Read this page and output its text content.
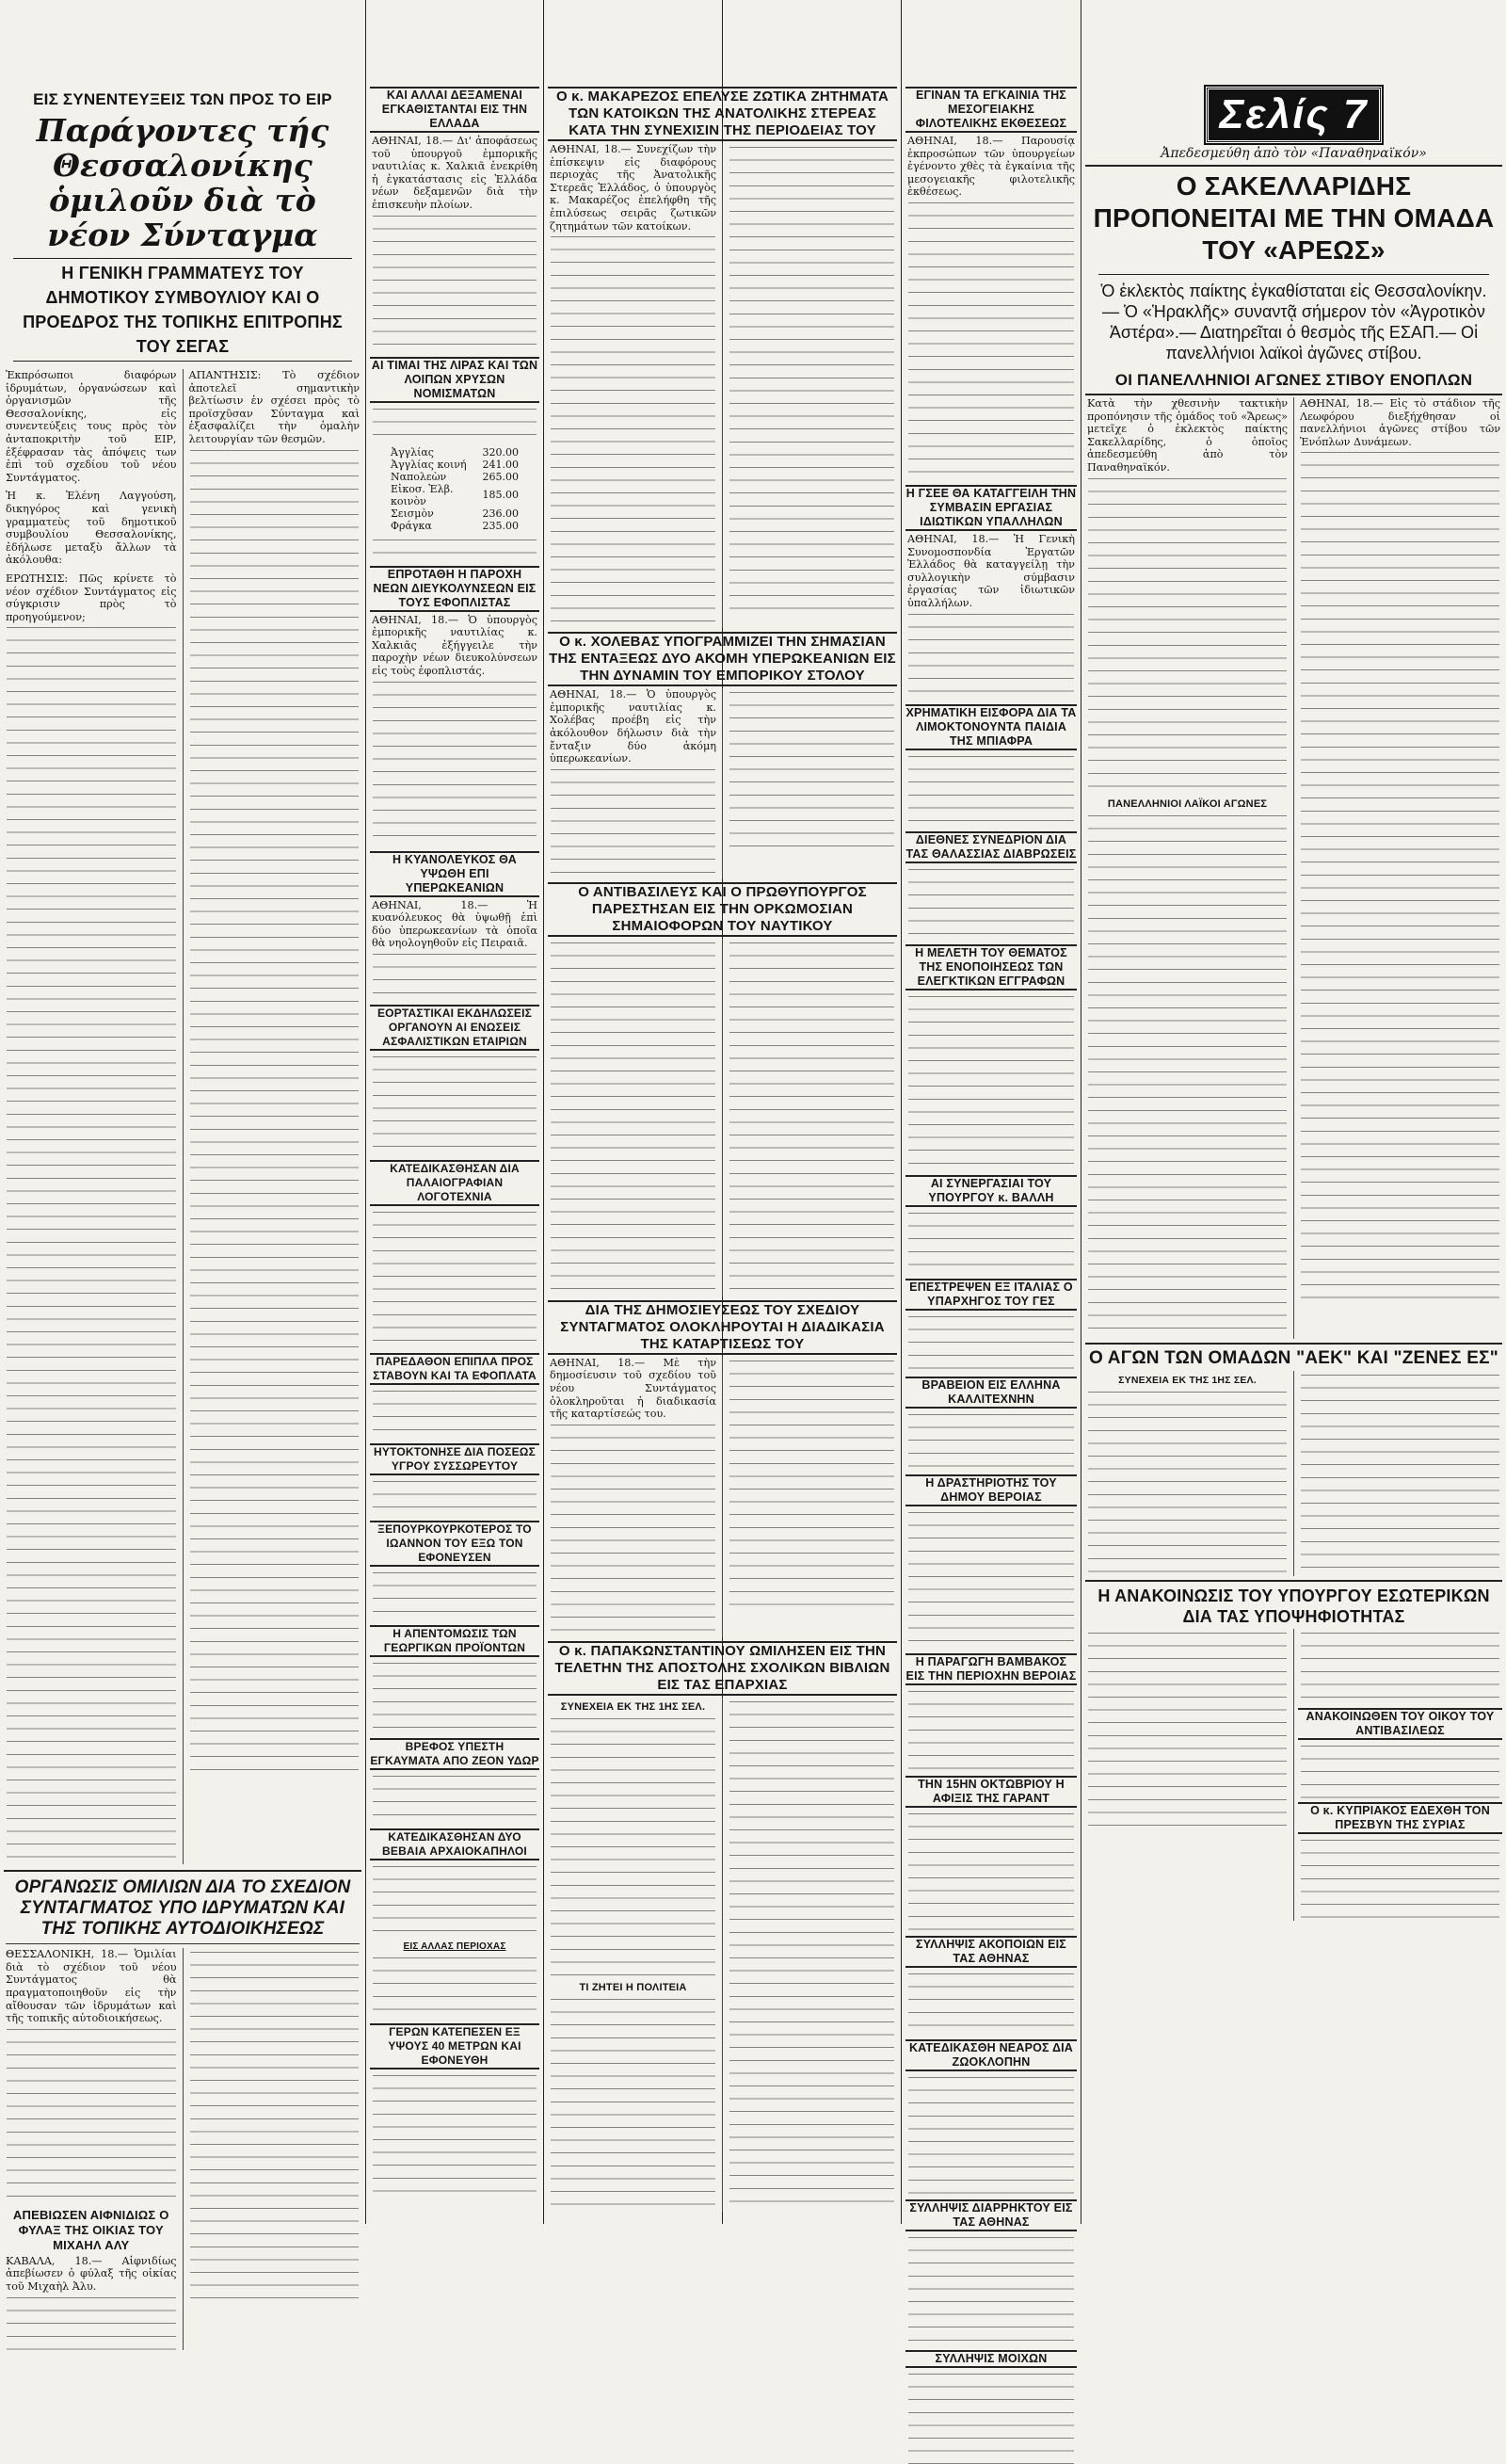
ΕΙΣ ΣΥΝΕΝΤΕΥΞΕΙΣ ΤΩΝ ΠΡΟΣ ΤΟ ΕΙΡ
Παράγοντες τής Θεσσαλονίκης ὁμιλοῦν διὰ τὸ νέον Σύνταγμα
Η ΓΕΝΙΚΗ ΓΡΑΜΜΑΤΕΥΣ ΤΟΥ ΔΗΜΟΤΙΚΟΥ ΣΥΜΒΟΥΛΙΟΥ ΚΑΙ Ο ΠΡΟΕΔΡΟΣ ΤΗΣ ΤΟΠΙΚΗΣ ΕΠΙΤΡΟΠΗΣ ΤΟΥ ΣΕΓΑΣ

Ἐκπρόσωποι διαφόρων ἱδρυμάτων, ὀργανώσεων καὶ ὀργανισμῶν τῆς Θεσσαλονίκης, εἰς συνεντεύξεις τους πρὸς τὸν ἀνταποκριτὴν τοῦ ΕΙΡ, ἐξέφρασαν τὰς ἀπόψεις των ἐπὶ τοῦ σχεδίου τοῦ νέου Συντάγματος.

Ἡ κ. Ἑλένη Λαγγούση, δικηγόρος καὶ γενικὴ γραμματεὺς τοῦ δημοτικοῦ συμβουλίου Θεσσαλονίκης, ἐδήλωσε μεταξὺ ἄλλων τὰ ἀκόλουθα:

ΕΡΩΤΗΣΙΣ: Πῶς κρίνετε τὸ νέον σχέδιον Συντάγματος εἰς σύγκρισιν πρὸς τὸ προηγούμενον;

ΑΠΑΝΤΗΣΙΣ: Τὸ σχέδιον ἀποτελεῖ σημαντικὴν βελτίωσιν ἐν σχέσει πρὸς τὸ προϊσχῦσαν Σύνταγμα καὶ ἐξασφαλίζει τὴν ὁμαλὴν λειτουργίαν τῶν θεσμῶν.

ΟΡΓΑΝΩΣΙΣ ΟΜΙΛΙΩΝ ΔΙΑ ΤΟ ΣΧΕΔΙΟΝ ΣΥΝΤΑΓΜΑΤΟΣ ΥΠΟ ΙΔΡΥΜΑΤΩΝ ΚΑΙ ΤΗΣ ΤΟΠΙΚΗΣ ΑΥΤΟΔΙΟΙΚΗΣΕΩΣ

ΘΕΣΣΑΛΟΝΙΚΗ, 18.— Ὁμιλίαι διὰ τὸ σχέδιον τοῦ νέου Συντάγματος θὰ πραγματοποιηθοῦν εἰς τὴν αἴθουσαν τῶν ἱδρυμάτων καὶ τῆς τοπικῆς αὐτοδιοικήσεως.

ΑΠΕΒΙΩΣΕΝ ΑΙΦΝΙΔΙΩΣ Ο ΦΥΛΑΞ ΤΗΣ ΟΙΚΙΑΣ ΤΟΥ ΜΙΧΑΗΛ ΑΛΥ

ΚΑΒΑΛΑ, 18.— Αἰφνιδίως ἀπεβίωσεν ὁ φύλαξ τῆς οἰκίας τοῦ Μιχαὴλ Ἀλυ.

ΚΑΙ ΑΛΛΑΙ ΔΕΞΑΜΕΝΑΙ ΕΓΚΑΘΙΣΤΑΝΤΑΙ ΕΙΣ ΤΗΝ ΕΛΛΑΔΑ

ΑΘΗΝΑΙ, 18.— Δι' ἀποφάσεως τοῦ ὑπουργοῦ ἐμπορικῆς ναυτιλίας κ. Χαλκιᾶ ἐνεκρίθη ἡ ἐγκατάστασις εἰς Ἑλλάδα νέων δεξαμενῶν διὰ τὴν ἐπισκευὴν πλοίων.

ΑΙ ΤΙΜΑΙ ΤΗΣ ΛΙΡΑΣ ΚΑΙ ΤΩΝ ΛΟΙΠΩΝ ΧΡΥΣΩΝ ΝΟΜΙΣΜΑΤΩΝ
Ἀγγλίας	320.00
Ἀγγλίας κοινή	241.00
Ναπολεὼν	265.00
Εἰκοσ. Ἑλβ. κοινὸν	185.00
Σεισμὸν	236.00
Φράγκα	235.00
ΕΠΡΟΤΑΘΗ Η ΠΑΡΟΧΗ ΝΕΩΝ ΔΙΕΥΚΟΛΥΝΣΕΩΝ ΕΙΣ ΤΟΥΣ ΕΦΟΠΛΙΣΤΑΣ

ΑΘΗΝΑΙ, 18.— Ὁ ὑπουργὸς ἐμπορικῆς ναυτιλίας κ. Χαλκιᾶς ἐξήγγειλε τὴν παροχὴν νέων διευκολύνσεων εἰς τοὺς ἐφοπλιστάς.

Η ΚΥΑΝΟΛΕΥΚΟΣ ΘΑ ΥΨΩΘΗ ΕΠΙ ΥΠΕΡΩΚΕΑΝΙΩΝ

ΑΘΗΝΑΙ, 18.— Ἡ κυανόλευκος θὰ ὑψωθῇ ἐπὶ δύο ὑπερωκεανίων τὰ ὁποῖα θὰ νηολογηθοῦν εἰς Πειραιᾶ.

ΕΟΡΤΑΣΤΙΚΑΙ ΕΚΔΗΛΩΣΕΙΣ ΟΡΓΑΝΟΥΝ ΑΙ ΕΝΩΣΕΙΣ ΑΣΦΑΛΙΣΤΙΚΩΝ ΕΤΑΙΡΙΩΝ
ΚΑΤΕΔΙΚΑΣΘΗΣΑΝ ΔΙΑ ΠΑΛΑΙΟΓΡΑΦΙΑΝ ΛΟΓΟΤΕΧΝΙΑ
ΠΑΡΕΔΑΘΟΝ ΕΠΙΠΛΑ ΠΡΟΣ ΣΤΑΒΟΥΝ ΚΑΙ ΤΑ ΕΦΟΠΛΑΤΑ
ΗΥΤΟΚΤΟΝΗΣΕ ΔΙΑ ΠΟΣΕΩΣ ΥΓΡΟΥ ΣΥΣΣΩΡΕΥΤΟΥ
ΞΕΠΟΥΡΚΟΥΡΚΟΤΕΡΟΣ ΤΟ ΙΩΑΝΝΟΝ ΤΟΥ ΕΞΩ ΤΟΝ ΕΦΟΝΕΥΣΕΝ
Η ΑΠΕΝΤΟΜΩΣΙΣ ΤΩΝ ΓΕΩΡΓΙΚΩΝ ΠΡΟΪΟΝΤΩΝ
ΒΡΕΦΟΣ ΥΠΕΣΤΗ ΕΓΚΑΥΜΑΤΑ ΑΠΟ ΖΕΟΝ ΥΔΩΡ
ΚΑΤΕΔΙΚΑΣΘΗΣΑΝ ΔΥΟ ΒΕΒΑΙΑ ΑΡΧΑΙΟΚΑΠΗΛΟΙ
ΕΙΣ ΑΛΛΑΣ ΠΕΡΙΟΧΑΣ
ΓΕΡΩΝ ΚΑΤΕΠΕΣΕΝ ΕΞ ΥΨΟΥΣ 40 ΜΕΤΡΩΝ ΚΑΙ ΕΦΟΝΕΥΘΗ
Ο κ. ΜΑΚΑΡΕΖΟΣ ΕΠΕΛΥΣΕ ΖΩΤΙΚΑ ΖΗΤΗΜΑΤΑ ΤΩΝ ΚΑΤΟΙΚΩΝ ΤΗΣ ΑΝΑΤΟΛΙΚΗΣ ΣΤΕΡΕΑΣ ΚΑΤΑ ΤΗΝ ΣΥΝΕΧΙΣΙΝ ΤΗΣ ΠΕΡΙΟΔΕΙΑΣ ΤΟΥ

ΑΘΗΝΑΙ, 18.— Συνεχίζων τὴν ἐπίσκεψιν εἰς διαφόρους περιοχὰς τῆς Ἀνατολικῆς Στερεᾶς Ἑλλάδος, ὁ ὑπουργὸς κ. Μακαρέζος ἐπελήφθη τῆς ἐπιλύσεως σειρᾶς ζωτικῶν ζητημάτων τῶν κατοίκων.

Ο κ. ΧΟΛΕΒΑΣ ΥΠΟΓΡΑΜΜΙΖΕΙ ΤΗΝ ΣΗΜΑΣΙΑΝ ΤΗΣ ΕΝΤΑΞΕΩΣ ΔΥΟ ΑΚΟΜΗ ΥΠΕΡΩΚΕΑΝΙΩΝ ΕΙΣ ΤΗΝ ΔΥΝΑΜΙΝ ΤΟΥ ΕΜΠΟΡΙΚΟΥ ΣΤΟΛΟΥ

ΑΘΗΝΑΙ, 18.— Ὁ ὑπουργὸς ἐμπορικῆς ναυτιλίας κ. Χολέβας προέβη εἰς τὴν ἀκόλουθον δήλωσιν διὰ τὴν ἔνταξιν δύο ἀκόμη ὑπερωκεανίων.

Ο ΑΝΤΙΒΑΣΙΛΕΥΣ ΚΑΙ Ο ΠΡΩΘΥΠΟΥΡΓΟΣ ΠΑΡΕΣΤΗΣΑΝ ΕΙΣ ΤΗΝ ΟΡΚΩΜΟΣΙΑΝ ΣΗΜΑΙΟΦΟΡΩΝ ΤΟΥ ΝΑΥΤΙΚΟΥ
ΔΙΑ ΤΗΣ ΔΗΜΟΣΙΕΥΣΕΩΣ ΤΟΥ ΣΧΕΔΙΟΥ ΣΥΝΤΑΓΜΑΤΟΣ ΟΛΟΚΛΗΡΟΥΤΑΙ Η ΔΙΑΔΙΚΑΣΙΑ ΤΗΣ ΚΑΤΑΡΤΙΣΕΩΣ ΤΟΥ

ΑΘΗΝΑΙ, 18.— Μὲ τὴν δημοσίευσιν τοῦ σχεδίου τοῦ νέου Συντάγματος ὁλοκληροῦται ἡ διαδικασία τῆς καταρτίσεώς του.

Ο κ. ΠΑΠΑΚΩΝΣΤΑΝΤΙΝΟΥ ΩΜΙΛΗΣΕΝ ΕΙΣ ΤΗΝ ΤΕΛΕΤΗΝ ΤΗΣ ΑΠΟΣΤΟΛΗΣ ΣΧΟΛΙΚΩΝ ΒΙΒΛΙΩΝ ΕΙΣ ΤΑΣ ΕΠΑΡΧΙΑΣ
ΣΥΝΕΧΕΙΑ ΕΚ ΤΗΣ 1ΗΣ ΣΕΛ.
ΤΙ ΖΗΤΕΙ Η ΠΟΛΙΤΕΙΑ
ΕΓΙΝΑΝ ΤΑ ΕΓΚΑΙΝΙΑ ΤΗΣ ΜΕΣΟΓΕΙΑΚΗΣ ΦΙΛΟΤΕΛΙΚΗΣ ΕΚΘΕΣΕΩΣ

ΑΘΗΝΑΙ, 18.— Παρουσίᾳ ἐκπροσώπων τῶν ὑπουργείων ἐγένοντο χθὲς τὰ ἐγκαίνια τῆς μεσογειακῆς φιλοτελικῆς ἐκθέσεως.

Η ΓΣΕΕ ΘΑ ΚΑΤΑΓΓΕΙΛΗ ΤΗΝ ΣΥΜΒΑΣΙΝ ΕΡΓΑΣΙΑΣ ΙΔΙΩΤΙΚΩΝ ΥΠΑΛΛΗΛΩΝ

ΑΘΗΝΑΙ, 18.— Ἡ Γενικὴ Συνομοσπονδία Ἐργατῶν Ἑλλάδος θὰ καταγγείλῃ τὴν συλλογικὴν σύμβασιν ἐργασίας τῶν ἰδιωτικῶν ὑπαλλήλων.

ΧΡΗΜΑΤΙΚΗ ΕΙΣΦΟΡΑ ΔΙΑ ΤΑ ΛΙΜΟΚΤΟΝΟΥΝΤΑ ΠΑΙΔΙΑ ΤΗΣ ΜΠΙΑΦΡΑ
ΔΙΕΘΝΕΣ ΣΥΝΕΔΡΙΟΝ ΔΙΑ ΤΑΣ ΘΑΛΑΣΣΙΑΣ ΔΙΑΒΡΩΣΕΙΣ
Η ΜΕΛΕΤΗ ΤΟΥ ΘΕΜΑΤΟΣ ΤΗΣ ΕΝΟΠΟΙΗΣΕΩΣ ΤΩΝ ΕΛΕΓΚΤΙΚΩΝ ΕΓΓΡΑΦΩΝ
ΑΙ ΣΥΝΕΡΓΑΣΙΑΙ ΤΟΥ ΥΠΟΥΡΓΟΥ κ. ΒΑΛΛΗ
ΕΠΕΣΤΡΕΨΕΝ ΕΞ ΙΤΑΛΙΑΣ Ο ΥΠΑΡΧΗΓΟΣ ΤΟΥ ΓΕΣ
ΒΡΑΒΕΙΟΝ ΕΙΣ ΕΛΛΗΝΑ ΚΑΛΛΙΤΕΧΝΗΝ
Η ΔΡΑΣΤΗΡΙΟΤΗΣ ΤΟΥ ΔΗΜΟΥ ΒΕΡΟΙΑΣ
Η ΠΑΡΑΓΩΓΗ ΒΑΜΒΑΚΟΣ ΕΙΣ ΤΗΝ ΠΕΡΙΟΧΗΝ ΒΕΡΟΙΑΣ
ΤΗΝ 15ΗΝ ΟΚΤΩΒΡΙΟΥ Η ΑΦΙΞΙΣ ΤΗΣ ΓΑΡΑΝΤ
ΣΥΛΛΗΨΙΣ ΑΚΟΠΟΙΩΝ ΕΙΣ ΤΑΣ ΑΘΗΝΑΣ
ΚΑΤΕΔΙΚΑΣΘΗ ΝΕΑΡΟΣ ΔΙΑ ΖΩΟΚΛΟΠΗΝ
ΣΥΛΛΗΨΙΣ ΔΙΑΡΡΗΚΤΟΥ ΕΙΣ ΤΑΣ ΑΘΗΝΑΣ
ΣΥΛΛΗΨΙΣ ΜΟΙΧΩΝ
Σελίς 7
Ἀπεδεσμεύθη ἀπὸ τὸν «Παναθηναϊκόν»
Ο ΣΑΚΕΛΛΑΡΙΔΗΣ ΠΡΟΠΟΝΕΙΤΑΙ ΜΕ ΤΗΝ ΟΜΑΔΑ ΤΟΥ «ΑΡΕΩΣ»
Ὁ ἐκλεκτὸς παίκτης ἐγκαθίσταται εἰς Θεσσαλονίκην.— Ὁ «Ἡρακλῆς» συναντᾷ σήμερον τὸν «Ἀγροτικὸν Ἀστέρα».— Διατηρεῖται ὁ θεσμὸς τῆς ΕΣΑΠ.— Οἱ πανελλήνιοι λαϊκοὶ ἀγῶνες στίβου.
ΟΙ ΠΑΝΕΛΛΗΝΙΟΙ ΑΓΩΝΕΣ ΣΤΙΒΟΥ ΕΝΟΠΛΩΝ

Κατὰ τὴν χθεσινὴν τακτικὴν προπόνησιν τῆς ὁμάδος τοῦ «Ἄρεως» μετεῖχε ὁ ἐκλεκτὸς παίκτης Σακελλαρίδης, ὁ ὁποῖος ἀπεδεσμεύθη ἀπὸ τὸν Παναθηναϊκόν.

ΠΑΝΕΛΛΗΝΙΟΙ ΛΑΪΚΟΙ ΑΓΩΝΕΣ

ΑΘΗΝΑΙ, 18.— Εἰς τὸ στάδιον τῆς Λεωφόρου διεξήχθησαν οἱ πανελλήνιοι ἀγῶνες στίβου τῶν Ἐνόπλων Δυνάμεων.

Ο ΑΓΩΝ ΤΩΝ ΟΜΑΔΩΝ "ΑΕΚ" ΚΑΙ "ΖΕΝΕΣ ΕΣ"
ΣΥΝΕΧΕΙΑ ΕΚ ΤΗΣ 1ΗΣ ΣΕΛ.
Η ΑΝΑΚΟΙΝΩΣΙΣ ΤΟΥ ΥΠΟΥΡΓΟΥ ΕΣΩΤΕΡΙΚΩΝ ΔΙΑ ΤΑΣ ΥΠΟΨΗΦΙΟΤΗΤΑΣ
ΑΝΑΚΟΙΝΩΘΕΝ ΤΟΥ ΟΙΚΟΥ ΤΟΥ ΑΝΤΙΒΑΣΙΛΕΩΣ
Ο κ. ΚΥΠΡΙΑΚΟΣ ΕΔΕΧΘΗ ΤΟΝ ΠΡΕΣΒΥΝ ΤΗΣ ΣΥΡΙΑΣ
